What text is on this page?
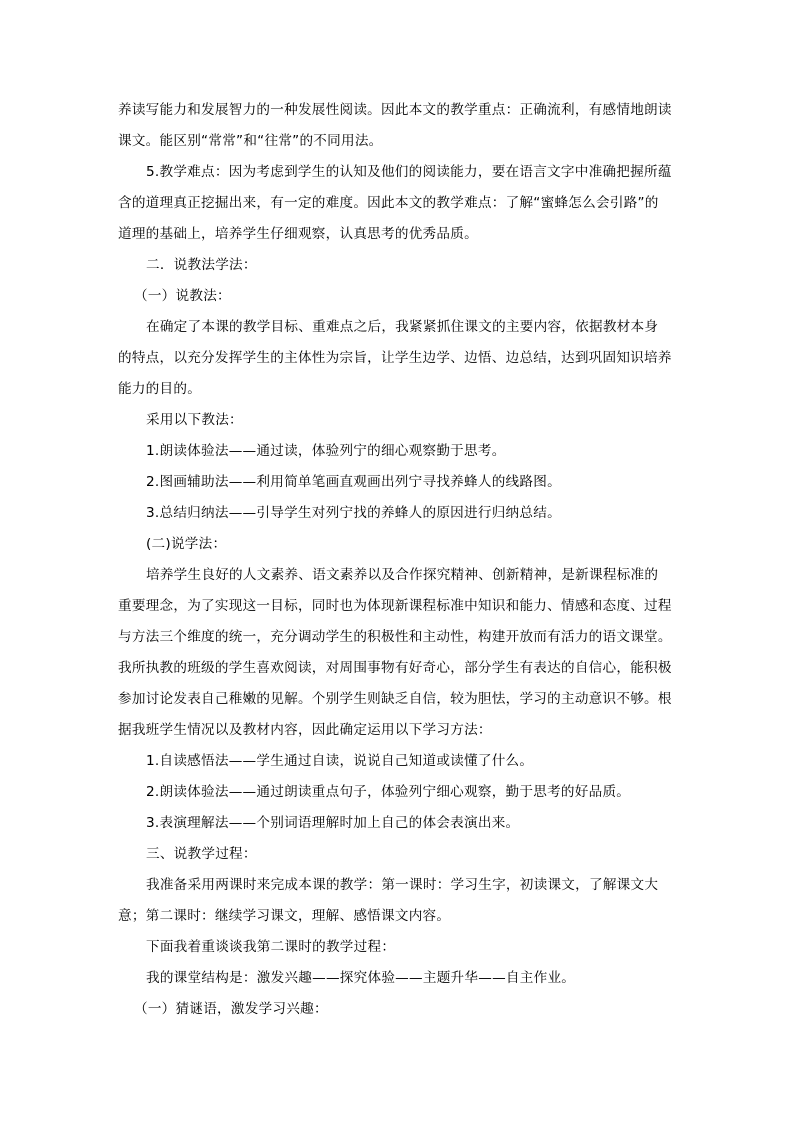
养读写能力和发展智力的一种发展性阅读。因此本文的教学重点：正确流利，有感情地朗读
课文。能区别“常常”和“往常”的不同用法。
5.教学难点：因为考虑到学生的认知及他们的阅读能力，要在语言文字中准确把握所蕴
含的道理真正挖掘出来，有一定的难度。因此本文的教学难点：了解“蜜蜂怎么会引路”的
道理的基础上，培养学生仔细观察，认真思考的优秀品质。
二．说教法学法：
（一）说教法：
在确定了本课的教学目标、重难点之后，我紧紧抓住课文的主要内容，依据教材本身
的特点，以充分发挥学生的主体性为宗旨，让学生边学、边悟、边总结，达到巩固知识培养
能力的目的。
采用以下教法：
1.朗读体验法——通过读，体验列宁的细心观察勤于思考。
2.图画辅助法——利用简单笔画直观画出列宁寻找养蜂人的线路图。
3.总结归纳法——引导学生对列宁找的养蜂人的原因进行归纳总结。
(二)说学法：
培养学生良好的人文素养、语文素养以及合作探究精神、创新精神，是新课程标准的
重要理念，为了实现这一目标，同时也为体现新课程标准中知识和能力、情感和态度、过程
与方法三个维度的统一，充分调动学生的积极性和主动性，构建开放而有活力的语文课堂。
我所执教的班级的学生喜欢阅读，对周围事物有好奇心，部分学生有表达的自信心，能积极
参加讨论发表自己稚嫩的见解。个别学生则缺乏自信，较为胆怯，学习的主动意识不够。根
据我班学生情况以及教材内容，因此确定运用以下学习方法：
1.自读感悟法——学生通过自读，说说自己知道或读懂了什么。
2.朗读体验法——通过朗读重点句子，体验列宁细心观察，勤于思考的好品质。
3.表演理解法——个别词语理解时加上自己的体会表演出来。
三、说教学过程：
我准备采用两课时来完成本课的教学：第一课时：学习生字，初读课文，了解课文大
意；第二课时：继续学习课文，理解、感悟课文内容。
下面我着重谈谈我第二课时的教学过程：
我的课堂结构是：激发兴趣——探究体验——主题升华——自主作业。
（一）猜谜语，激发学习兴趣：
